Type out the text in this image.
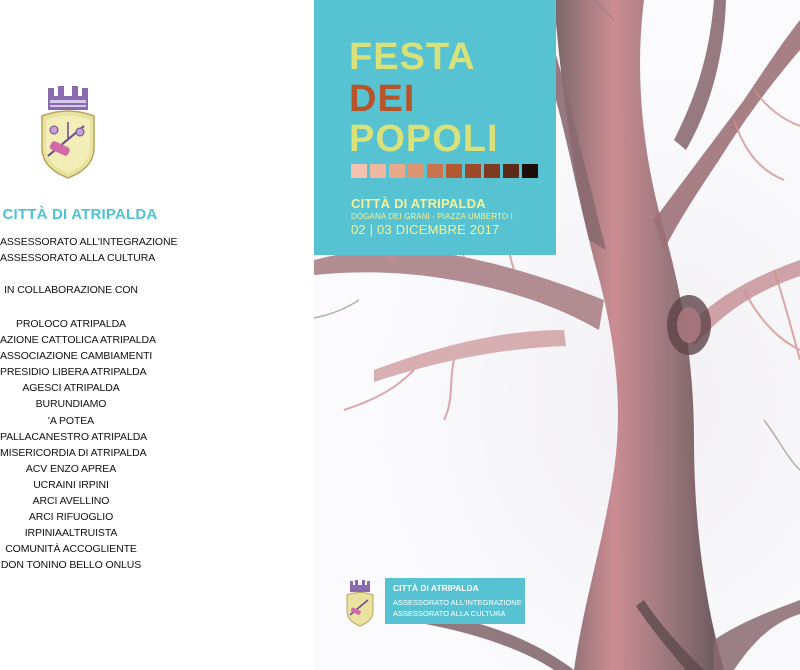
CITTÀ DI ATRIPALDA
ASSESSORATO ALL'INTEGRAZIONE
ASSESSORATO ALLA CULTURA
IN COLLABORAZIONE CON
PROLOCO ATRIPALDA
AZIONE CATTOLICA ATRIPALDA
ASSOCIAZIONE CAMBIAMENTI
PRESIDIO LIBERA ATRIPALDA
AGESCI ATRIPALDA
BURUNDIAMO
'A POTEA
PALLACANESTRO ATRIPALDA
MISERICORDIA DI ATRIPALDA
ACV ENZO APREA
UCRAINI IRPINI
ARCI AVELLINO
ARCI RIFUOGLIO
IRPINIAALTRUISTA
COMUNITÀ ACCOGLIENTE
DON TONINO BELLO ONLUS
FESTA
DEI
POPOLI
CITTÀ DI ATRIPALDA
DOGANA DEI GRANI - PIAZZA UMBERTO I
02 | 03 DICEMBRE 2017
CITTÀ DI ATRIPALDA
ASSESSORATO ALL'INTEGRAZIONE
ASSESSORATO ALLA CULTURA
